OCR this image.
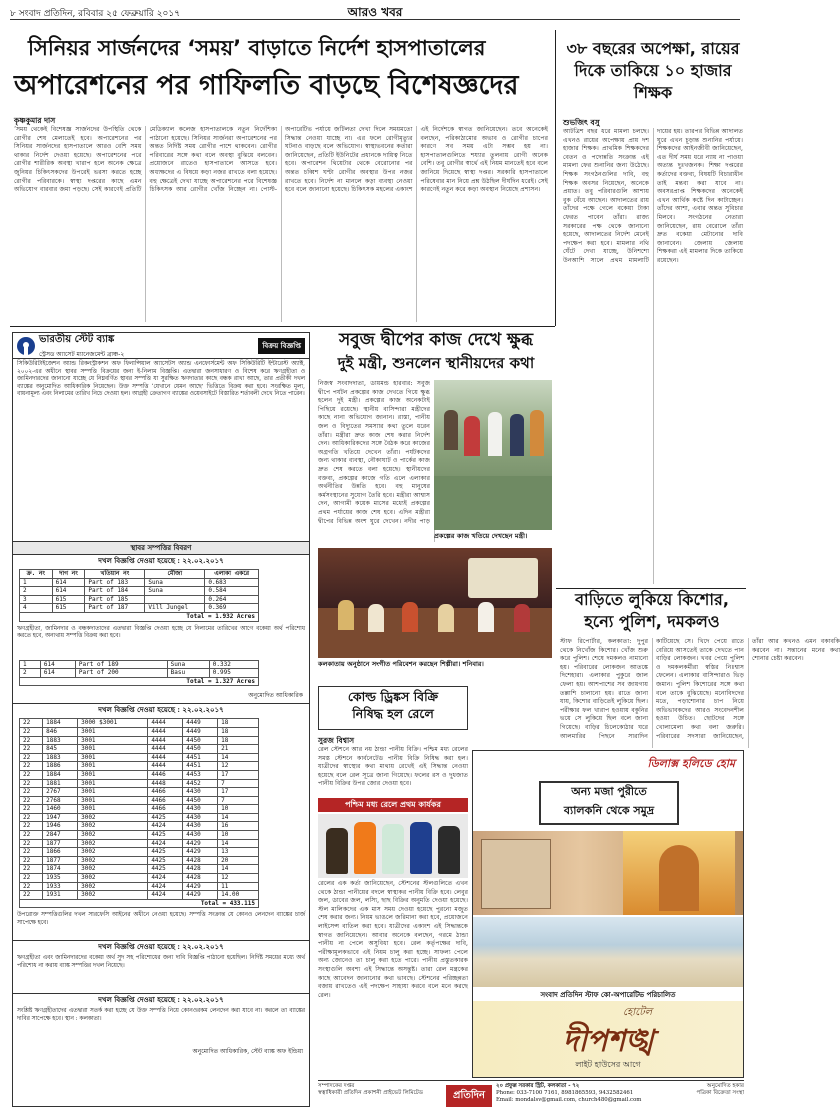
৮ সংবাদ প্রতিদিন, রবিবার ২৫ ফেব্রুয়ারি ২০১৭	আরও খবর
সিনিয়র সার্জনদের ‘সময়’ বাড়াতে নির্দেশ হাসপাতালের
অপারেশনের পর গাফিলতি বাড়ছে বিশেষজ্ঞদের
৩৮ বছরের অপেক্ষা, রায়ের দিকে তাকিয়ে ১০ হাজার শিক্ষক
শুভজিৎ বসু
আটত্রিশ বছর ধরে মামলা চলছে। এখনও রায়ের অপেক্ষায় প্রায় দশ হাজার শিক্ষক। প্রাথমিক শিক্ষকদের বেতন ও পদোন্নতি সংক্রান্ত এই মামলা ফের শুনানির জন্য উঠেছে। শিক্ষক সংগঠনগুলির দাবি, বহু শিক্ষক অবসর নিয়েছেন, অনেকে প্রয়াত। তবু পরিবারগুলি আশায় বুক বেঁধে আছেন। আদালতের রায় তাঁদের পক্ষে গেলে বকেয়া টাকা ফেরত পাবেন তাঁরা। রাজ্য সরকারের পক্ষ থেকে জানানো হয়েছে, আদালতের নির্দেশ মেনেই পদক্ষেপ করা হবে। মামলার নথি ঘেঁটে দেখা যাচ্ছে, উনিশশো উনআশি সালে প্রথম মামলাটি দায়ের হয়। তারপর বিভিন্ন আদালত ঘুরে এখন চূড়ান্ত শুনানির পর্যায়ে। শিক্ষকদের আইনজীবী জানিয়েছেন, এত দীর্ঘ সময় ধরে ন্যায় না পাওয়া অত্যন্ত দুঃখজনক। শিক্ষা দপ্তরের কর্তাদের বক্তব্য, বিষয়টি বিচারাধীন তাই মন্তব্য করা যাবে না। অবসরপ্রাপ্ত শিক্ষকদের অনেকেই এখন আর্থিক কষ্টে দিন কাটাচ্ছেন। তাঁদের আশা, এবার অন্তত সুবিচার মিলবে। সংগঠনের নেতারা জানিয়েছেন, রায় বেরোলে তাঁরা দ্রুত বকেয়া মেটানোর দাবি জানাবেন। জেলায় জেলায় শিক্ষকরা এই মামলার দিকে তাকিয়ে রয়েছেন।
কৃষ্ণকুমার দাস
‘সময় থেকেই বিশেষজ্ঞ সার্জনদের উপস্থিতি থেকে রোগীর শেষ মেলাতেই হবে। অপারেশনের পর সিনিয়র সার্জনদের হাসপাতালে আরও বেশি সময় থাকার নির্দেশ দেওয়া হয়েছে। অপারেশনের পরে রোগীর শারীরিক অবস্থা খারাপ হলে অনেক ক্ষেত্রে জুনিয়র চিকিৎসকদের উপরেই ভরসা করতে হচ্ছে রোগীর পরিবারকে। স্বাস্থ্য দপ্তরের কাছে এমন অভিযোগ বারবার জমা পড়ছে। সেই কারণেই প্রতিটি মেডিক্যাল কলেজ হাসপাতালকে নতুন নির্দেশিকা পাঠানো হয়েছে। সিনিয়র সার্জনরা অপারেশনের পর অন্তত নির্দিষ্ট সময় রোগীর পাশে থাকবেন। রোগীর পরিবারের সঙ্গে কথা বলে অবস্থা বুঝিয়ে বলবেন। প্রয়োজনে রাতেও হাসপাতালে আসতে হবে। অধ্যক্ষদের এ বিষয়ে কড়া নজর রাখতে বলা হয়েছে। বহু ক্ষেত্রেই দেখা যাচ্ছে অপারেশনের পরে বিশেষজ্ঞ চিকিৎসক আর রোগীর খোঁজ নিচ্ছেন না। পোস্ট-অপারেটিভ পর্যায়ে জটিলতা দেখা দিলে সময়মতো সিদ্ধান্ত নেওয়া যাচ্ছে না। এর ফলে রোগীমৃত্যুর ঘটনাও বাড়ছে বলে অভিযোগ। স্বাস্থ্যভবনের কর্তারা জানিয়েছেন, প্রতিটি ইউনিটের প্রধানকে দায়িত্ব নিতে হবে। অপারেশন থিয়েটার থেকে বেরোনোর পর অন্তত চব্বিশ ঘণ্টা রোগীর অবস্থার উপর নজর রাখতে হবে। নির্দেশ না মানলে কড়া ব্যবস্থা নেওয়া হবে বলে জানানো হয়েছে। চিকিৎসক মহলের একাংশ এই নির্দেশকে স্বাগত জানিয়েছেন। তবে অনেকেই বলছেন, পরিকাঠামোর অভাব ও রোগীর চাপের কারণে সব সময় এটা সম্ভব হয় না। হাসপাতালগুলিতে শয্যার তুলনায় রোগী অনেক বেশি। তবু রোগীর স্বার্থে এই নিয়ম মানতেই হবে বলে জানিয়ে দিয়েছে স্বাস্থ্য দপ্তর। সরকারি হাসপাতালে পরিষেবার মান নিয়ে প্রশ্ন উঠছিল দীর্ঘদিন ধরেই। সেই কারণেই নতুন করে কড়া অবস্থান নিয়েছে প্রশাসন।
ভারতীয় স্টেট ব্যাঙ্ক
স্ট্রেসড অ্যাসেট ম্যানেজমেন্ট ব্রাঞ্চ-২
বিক্রয় বিজ্ঞপ্তি
সিকিউরিটাইজেশন অ্যান্ড রিকনস্ট্রাকশন অফ ফিনান্সিয়াল অ্যাসেটস অ্যান্ড এনফোর্সমেন্ট অফ সিকিউরিটি ইন্টারেস্ট অ্যাক্ট, ২০০২-এর অধীনে স্থাবর সম্পত্তি বিক্রয়ের জন্য ই-নিলাম বিজ্ঞপ্তি। এতদ্বারা জনসাধারণ ও বিশেষ করে ঋণগ্রহীতা ও জামিনদারদের জানানো যাচ্ছে যে নিম্নবর্ণিত স্থাবর সম্পত্তি যা সুরক্ষিত ঋণদাতার কাছে বন্ধক রাখা আছে, তার প্রতীকী দখল ব্যাঙ্কের অনুমোদিত আধিকারিক নিয়েছেন। উক্ত সম্পত্তি ‘যেখানে যেমন আছে’ ভিত্তিতে বিক্রয় করা হবে। সংরক্ষিত মূল্য, বায়নামূল্য এবং নিলামের তারিখ নিচে দেওয়া হল। আগ্রহী ক্রেতাগণ ব্যাঙ্কের ওয়েবসাইটে বিস্তারিত শর্তাবলী দেখে নিতে পারেন।
স্থাবর সম্পত্তির বিবরণ
দখল বিজ্ঞপ্তি দেওয়া হয়েছে : ২২.০২.২০১৭
ক্র. নং	দাগ নং	খতিয়ান নং	মৌজা	এলাকা একরে
1	614	Part of 183	Suna	0.683
2	614	Part of 184	Suna	0.584
3	615	Part of 185		0.264
4	615	Part of 187	Vill Jungel	0.369
Total = 1.932 Acres				
ঋণগ্রহীতা, জামিনদার ও বন্ধকদাতাদের এতদ্বারা বিজ্ঞপ্তি দেওয়া হচ্ছে যে নিলামের তারিখের আগে বকেয়া অর্থ পরিশোধ করতে হবে, অন্যথায় সম্পত্তি বিক্রয় করা হবে।
1	614	Part of 189	Suna	0.332
2	614	Part of 200	Basu	0.995
Total = 1.327 Acres				
অনুমোদিত আধিকারিক
দখল বিজ্ঞপ্তি দেওয়া হয়েছে : ২২.০২.২০১৭
22	1884	3000 $3001	4444	4449	18
22	846	3001	4444	4449	18
22	1883	3001	4444	4450	18
22	845	3001	4444	4450	21
22	1883	3001	4444	4451	14
22	1886	3001	4444	4451	12
22	1884	3001	4446	4453	17
22	1881	3001	4448	4452	7
22	2767	3001	4466	4430	17
22	2768	3001	4466	4450	7
22	1460	3001	4466	4430	10
22	1947	3002	4425	4430	14
22	1946	3002	4424	4430	16
22	2847	3002	4425	4430	10
22	1877	3002	4424	4429	14
22	1866	3002	4425	4429	13
22	1877	3002	4425	4428	20
22	1874	3002	4425	4428	14
22	1935	3002	4424	4428	12
22	1933	3002	4424	4429	11
22	1931	3002	4424	4429	14.00
Total = 433.115					
উপরোক্ত সম্পত্তিগুলির দখল সারফেসি আইনের অধীনে নেওয়া হয়েছে। সম্পত্তি সংক্রান্ত যে কোনও লেনদেন ব্যাঙ্কের চার্জ সাপেক্ষে হবে।
দখল বিজ্ঞপ্তি দেওয়া হয়েছে : ২২.০২.২০১৭
ঋণগ্রহীতা এবং জামিনদারদের বকেয়া অর্থ সুদ সহ পরিশোধের জন্য দাবি বিজ্ঞপ্তি পাঠানো হয়েছিল। নির্দিষ্ট সময়ের মধ্যে অর্থ পরিশোধ না করায় ব্যাঙ্ক সম্পত্তির দখল নিয়েছে।
দখল বিজ্ঞপ্তি দেওয়া হয়েছে : ২২.০২.২০১৭
সংশ্লিষ্ট ঋণগ্রহীতাদের এতদ্বারা সতর্ক করা হচ্ছে যে উক্ত সম্পত্তি নিয়ে কোনওরকম লেনদেন করা যাবে না। করলে তা ব্যাঙ্কের দাবির সাপেক্ষে হবে। স্থান : কলকাতা।
অনুমোদিত আধিকারিক, স্টেট ব্যাঙ্ক অফ ইন্ডিয়া
সবুজ দ্বীপের কাজ দেখে ক্ষুব্ধ
দুই মন্ত্রী, শুনলেন স্থানীয়দের কথা
নিজস্ব সংবাদদাতা, ডায়মন্ড হারবার: সবুজ দ্বীপে পর্যটন প্রকল্পের কাজ দেখতে গিয়ে ক্ষুব্ধ হলেন দুই মন্ত্রী। প্রকল্পের কাজ অনেকটাই পিছিয়ে রয়েছে। স্থানীয় বাসিন্দারা মন্ত্রীদের কাছে নানা অভিযোগ জানান। রাস্তা, পানীয় জল ও বিদ্যুতের সমস্যার কথা তুলে ধরেন তাঁরা। মন্ত্রীরা দ্রুত কাজ শেষ করার নির্দেশ দেন। আধিকারিকদের সঙ্গে বৈঠক করে কাজের অগ্রগতি খতিয়ে দেখেন তাঁরা। পর্যটকদের জন্য থাকার ব্যবস্থা, নৌকাঘাট ও পার্কের কাজ দ্রুত শেষ করতে বলা হয়েছে। স্থানীয়দের বক্তব্য, প্রকল্পের কাজে গতি এলে এলাকার অর্থনীতির উন্নতি হবে। বহু মানুষের কর্মসংস্থানের সুযোগ তৈরি হবে। মন্ত্রীরা আশ্বাস দেন, আগামী কয়েক মাসের মধ্যেই প্রকল্পের প্রথম পর্যায়ের কাজ শেষ হবে। এদিন মন্ত্রীরা দ্বীপের বিভিন্ন অংশ ঘুরে দেখেন। নদীর পাড়
প্রকল্পের কাজ খতিয়ে দেখছেন মন্ত্রী।
কলকাতায় অনুষ্ঠানে সংগীত পরিবেশন করছেন শিল্পীরা। শনিবার।
বাড়িতে লুকিয়ে কিশোর,
হন্যে পুলিশ, দমকলও
স্টাফ রিপোর্টার, কলকাতা: দুপুর থেকে নিখোঁজ কিশোর। খোঁজ শুরু করে পুলিশ। শেষে দমকলও নামানো হয়। পরিবারের লোকজন আতঙ্কে দিশেহারা। এলাকার পুকুরে জাল ফেলা হয়। আশপাশের সব জায়গায় তল্লাশি চালানো হয়। রাতে জানা যায়, কিশোর বাড়িতেই লুকিয়ে ছিল। পরীক্ষার ফল খারাপ হওয়ায় বকুনির ভয়ে সে লুকিয়ে ছিল বলে জানা গিয়েছে। বাড়ির চিলেকোঠার ঘরে আলমারির পিছনে সারাদিন কাটিয়েছে সে। খিদে পেয়ে রাতে বেরিয়ে আসতেই তাকে দেখতে পান বাড়ির লোকজন। খবর পেয়ে পুলিশ ও দমকলকর্মীরা স্বস্তির নিঃশ্বাস ফেলেন। এলাকার বাসিন্দারাও ভিড় জমান। পুলিশ কিশোরের সঙ্গে কথা বলে তাকে বুঝিয়েছে। মনোবিদদের মতে, পড়াশোনার চাপ নিয়ে অভিভাবকদের আরও সংবেদনশীল হওয়া উচিত। ছোটদের সঙ্গে খোলামেলা কথা বলা জরুরি। পরিবারের সদস্যরা জানিয়েছেন, তাঁরা আর কখনও এমন বকাবকি করবেন না। সন্তানের মনের কথা শোনার চেষ্টা করবেন।
কোল্ড ড্রিঙ্কস বিক্রি
নিষিদ্ধ হল রেলে
সুরজ বিশ্বাস
রেল স্টেশনে আর নয় ঠান্ডা পানীয় বিক্রি। পশ্চিম মধ্য রেলের সমস্ত স্টেশনে কার্বনেটেড পানীয় বিক্রি নিষিদ্ধ করা হল। যাত্রীদের স্বাস্থ্যের কথা মাথায় রেখেই এই সিদ্ধান্ত নেওয়া হয়েছে বলে রেল সূত্রে জানা গিয়েছে। ফলের রস ও দুধজাত পানীয় বিক্রির উপর জোর দেওয়া হবে।
পশ্চিম মধ্য রেলে প্রথম কার্যকর
রেলের এক কর্তা জানিয়েছেন, স্টেশনের স্টলগুলিতে এখন থেকে ঠান্ডা পানীয়ের বদলে স্বাস্থ্যকর পানীয় বিক্রি হবে। লেবুর জল, ডাবের জল, লস্যি, ছাছ বিক্রির অনুমতি দেওয়া হয়েছে। স্টল মালিকদের এক মাস সময় দেওয়া হয়েছে পুরনো মজুত শেষ করার জন্য। নিয়ম ভাঙলে জরিমানা করা হবে, প্রয়োজনে লাইসেন্স বাতিল করা হবে। যাত্রীদের একাংশ এই সিদ্ধান্তকে স্বাগত জানিয়েছেন। আবার অনেকে বলছেন, গরমে ঠান্ডা পানীয় না পেলে অসুবিধা হবে। রেল কর্তৃপক্ষের দাবি, পরীক্ষামূলকভাবে এই নিয়ম চালু করা হচ্ছে। সাফল্য পেলে অন্য জোনেও তা চালু করা হতে পারে। পানীয় প্রস্তুতকারক সংস্থাগুলি অবশ্য এই সিদ্ধান্তে অসন্তুষ্ট। তারা রেল মন্ত্রকের কাছে আবেদন জানানোর কথা ভাবছে। স্টেশনের পরিচ্ছন্নতা বজায় রাখতেও এই পদক্ষেপ সাহায্য করবে বলে মনে করছে রেল।
ডিলাক্স হলিডে হোম
অন্য মজা পুরীতে
ব্যালকনি থেকে সমুদ্র
সংবাদ প্রতিদিন স্টাফ কো-অপারেটিভ পরিচালিত
হোটেল
দীপশঙ্খ
লাইট হাউসের আগে
সম্পাদকের দপ্তর
স্বত্বাধিকারী প্রতিদিন প্রকাশনী প্রাইভেট লিমিটেড	প্রতিদিন
২০ প্রফুল্ল সরকার স্ট্রিট, কলকাতা - ৭২
Phone: 033-7100 7161, 8981865593, 9432582461
Email: mondalsv@gmail.com, church480@gmail.com
অনুমোদিত হকার
পত্রিকা বিক্রেতা সংস্থা
